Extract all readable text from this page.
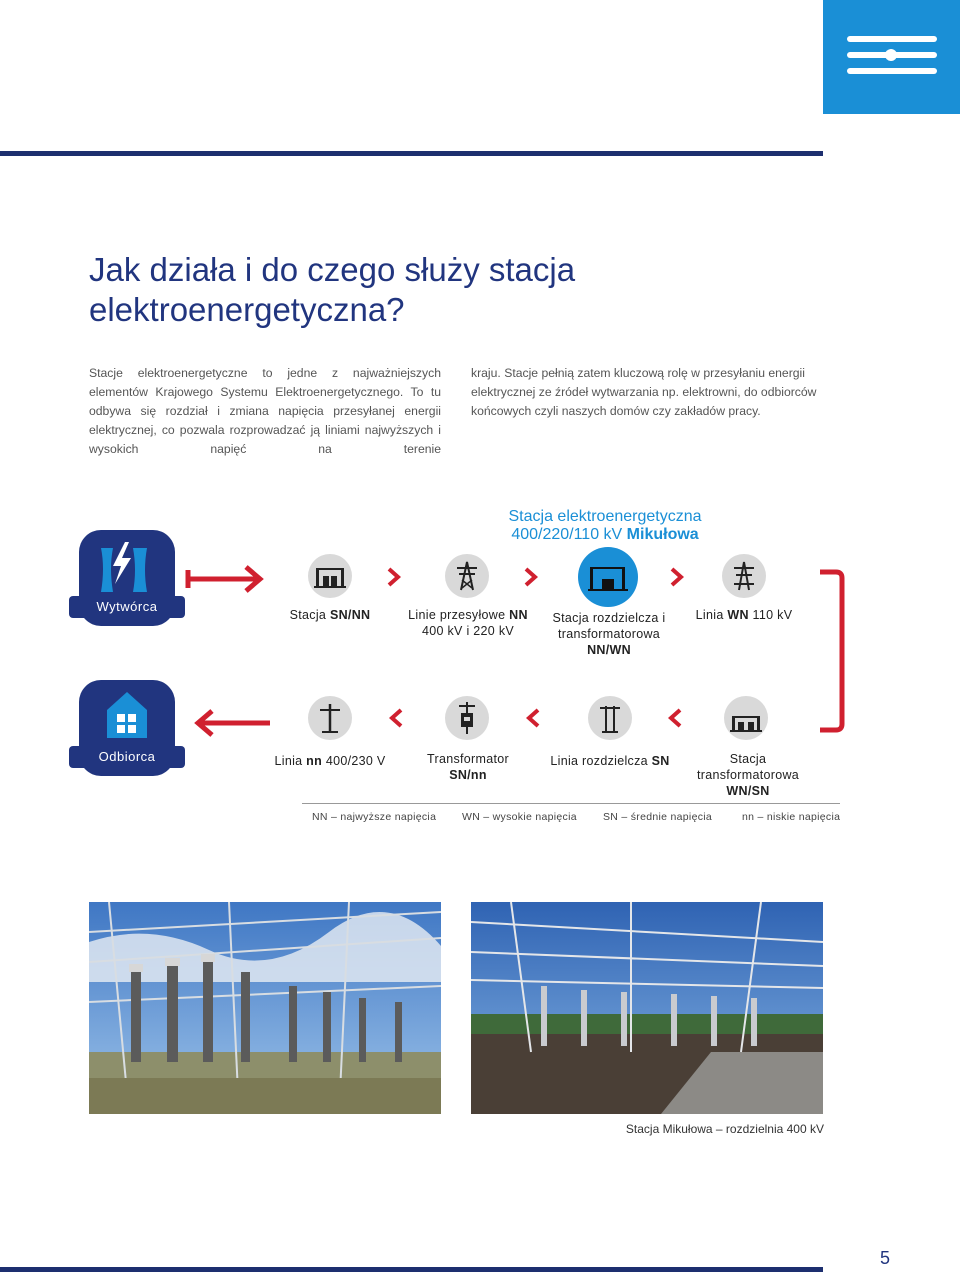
Jak działa i do czego służy stacja elektroenergetyczna?
Stacje elektroenergetyczne to jedne z najważniejszych elementów Krajowego Systemu Elektroenergetycznego. To tu odbywa się rozdział i zmiana napięcia przesyłanej energii elektrycznej, co pozwala rozprowadzać ją liniami najwyższych i wysokich napięć na terenie
kraju. Stacje pełnią zatem kluczową rolę w przesyłaniu energii elektrycznej ze źródeł wytwarzania np. elektrowni, do odbiorców końcowych czyli naszych domów czy zakładów pracy.
Stacja elektroenergetyczna
400/220/110 kV Mikułowa
Wytwórca
Odbiorca
Stacja SN/NN	Linie przesyłowe NN 400 kV i 220 kV
Stacja rozdzielcza i transformatorowa NN/WN
Linia WN 110 kV
Linia nn 400/230 V	Transformator SN/nn
Linia rozdzielcza SN	Stacja transformatorowa WN/SN
NN – najwyższe napięcia WN – wysokie napięcia SN – średnie napięcia	nn – niskie napięcia
Stacja Mikułowa – rozdzielnia 400 kV
5
